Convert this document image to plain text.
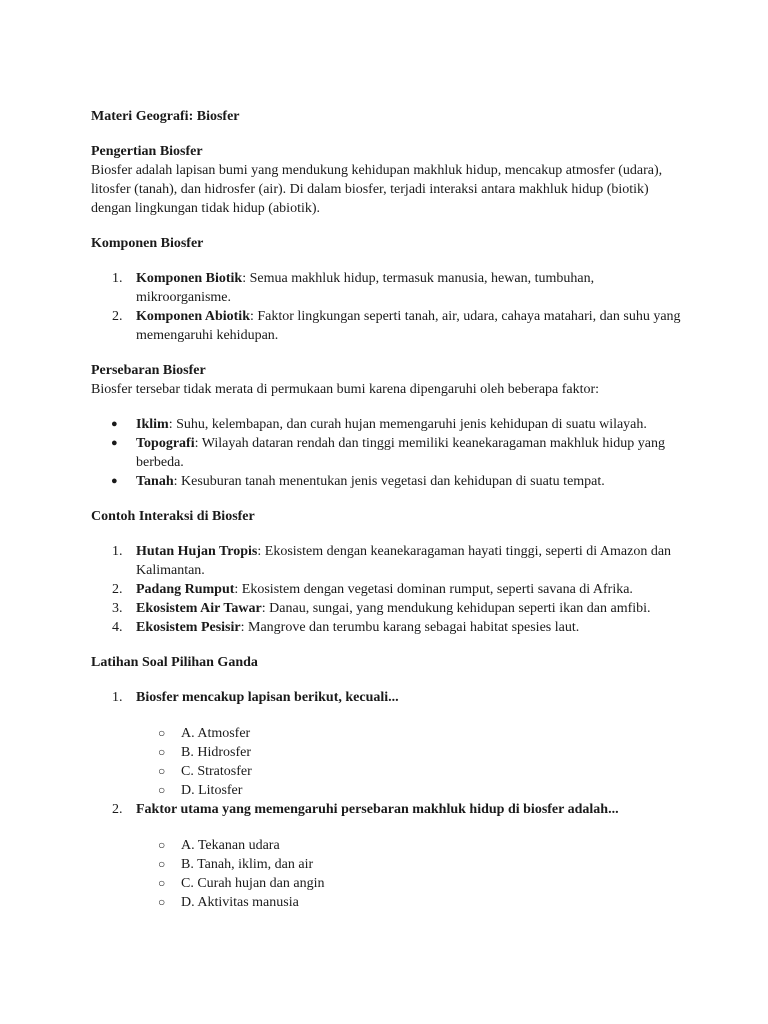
Materi Geografi: Biosfer

Pengertian Biosfer

Biosfer adalah lapisan bumi yang mendukung kehidupan makhluk hidup, mencakup atmosfer (udara), litosfer (tanah), dan hidrosfer (air). Di dalam biosfer, terjadi interaksi antara makhluk hidup (biotik) dengan lingkungan tidak hidup (abiotik).

Komponen Biosfer

1. Komponen Biotik: Semua makhluk hidup, termasuk manusia, hewan, tumbuhan, mikroorganisme.
2. Komponen Abiotik: Faktor lingkungan seperti tanah, air, udara, cahaya matahari, dan suhu yang memengaruhi kehidupan.

Persebaran Biosfer

Biosfer tersebar tidak merata di permukaan bumi karena dipengaruhi oleh beberapa faktor:

● Iklim: Suhu, kelembapan, dan curah hujan memengaruhi jenis kehidupan di suatu wilayah.
● Topografi: Wilayah dataran rendah dan tinggi memiliki keanekaragaman makhluk hidup yang berbeda.
● Tanah: Kesuburan tanah menentukan jenis vegetasi dan kehidupan di suatu tempat.

Contoh Interaksi di Biosfer

1. Hutan Hujan Tropis: Ekosistem dengan keanekaragaman hayati tinggi, seperti di Amazon dan Kalimantan.
2. Padang Rumput: Ekosistem dengan vegetasi dominan rumput, seperti savana di Afrika.
3. Ekosistem Air Tawar: Danau, sungai, yang mendukung kehidupan seperti ikan dan amfibi.
4. Ekosistem Pesisir: Mangrove dan terumbu karang sebagai habitat spesies laut.

Latihan Soal Pilihan Ganda

1. Biosfer mencakup lapisan berikut, kecuali...
○ A. Atmosfer
○ B. Hidrosfer
○ C. Stratosfer
○ D. Litosfer
2. Faktor utama yang memengaruhi persebaran makhluk hidup di biosfer adalah...
○ A. Tekanan udara
○ B. Tanah, iklim, dan air
○ C. Curah hujan dan angin
○ D. Aktivitas manusia
